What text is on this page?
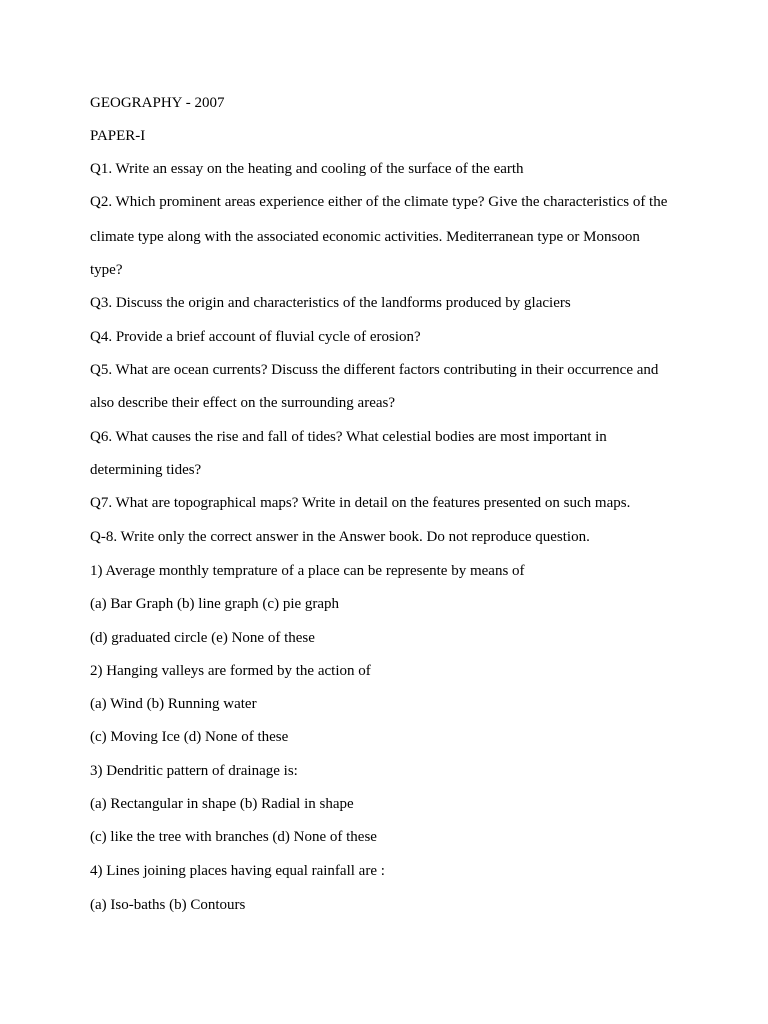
GEOGRAPHY - 2007

PAPER-I

Q1. Write an essay on the heating and cooling of the surface of the earth

Q2. Which prominent areas experience either of the climate type? Give the characteristics of the

climate type along with the associated economic activities. Mediterranean type or Monsoon

type?

Q3. Discuss the origin and characteristics of the landforms produced by glaciers

Q4. Provide a brief account of fluvial cycle of erosion?

Q5. What are ocean currents? Discuss the different factors contributing in their occurrence and

also describe their effect on the surrounding areas?

Q6. What causes the rise and fall of tides? What celestial bodies are most important in

determining tides?

Q7. What are topographical maps? Write in detail on the features presented on such maps.

Q-8. Write only the correct answer in the Answer book. Do not reproduce question.

1) Average monthly temprature of a place can be represente by means of

(a) Bar Graph (b) line graph (c) pie graph

(d) graduated circle (e) None of these

2) Hanging valleys are formed by the action of

(a) Wind (b) Running water

(c) Moving Ice (d) None of these

3) Dendritic pattern of drainage is:

(a) Rectangular in shape (b) Radial in shape

(c) like the tree with branches (d) None of these

4) Lines joining places having equal rainfall are :

(a) Iso-baths (b) Contours
